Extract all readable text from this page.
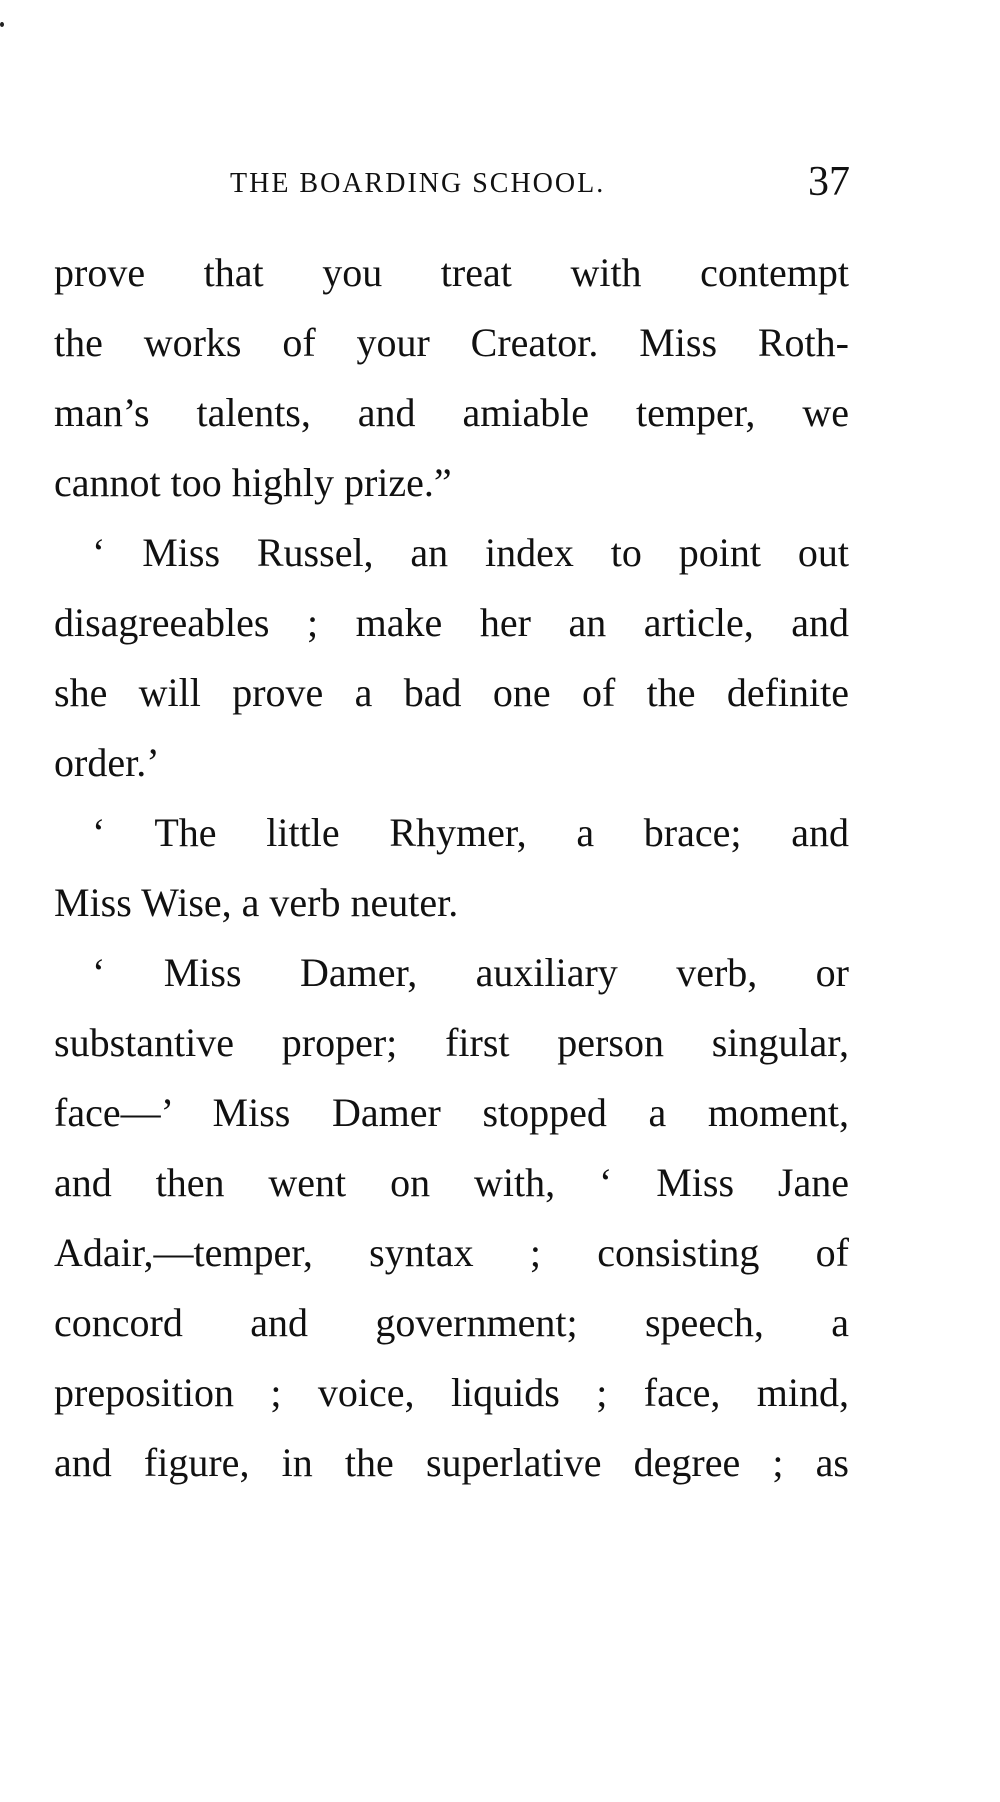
THE BOARDING SCHOOL.	37
prove that you treat with contempt
the works of your Creator. Miss Roth-
man’s talents, and amiable temper, we
cannot too highly prize.”
‘ Miss Russel, an index to point out
disagreeables ; make her an article, and
she will prove a bad one of the definite
order.’
‘ The little Rhymer, a brace; and
Miss Wise, a verb neuter.
‘ Miss Damer, auxiliary verb, or
substantive proper; first person singular,
face—’ Miss Damer stopped a moment,
and then went on with, ‘ Miss Jane
Adair,—temper, syntax ; consisting of
concord and government; speech, a
preposition ; voice, liquids ; face, mind,
and figure, in the superlative degree ; as
